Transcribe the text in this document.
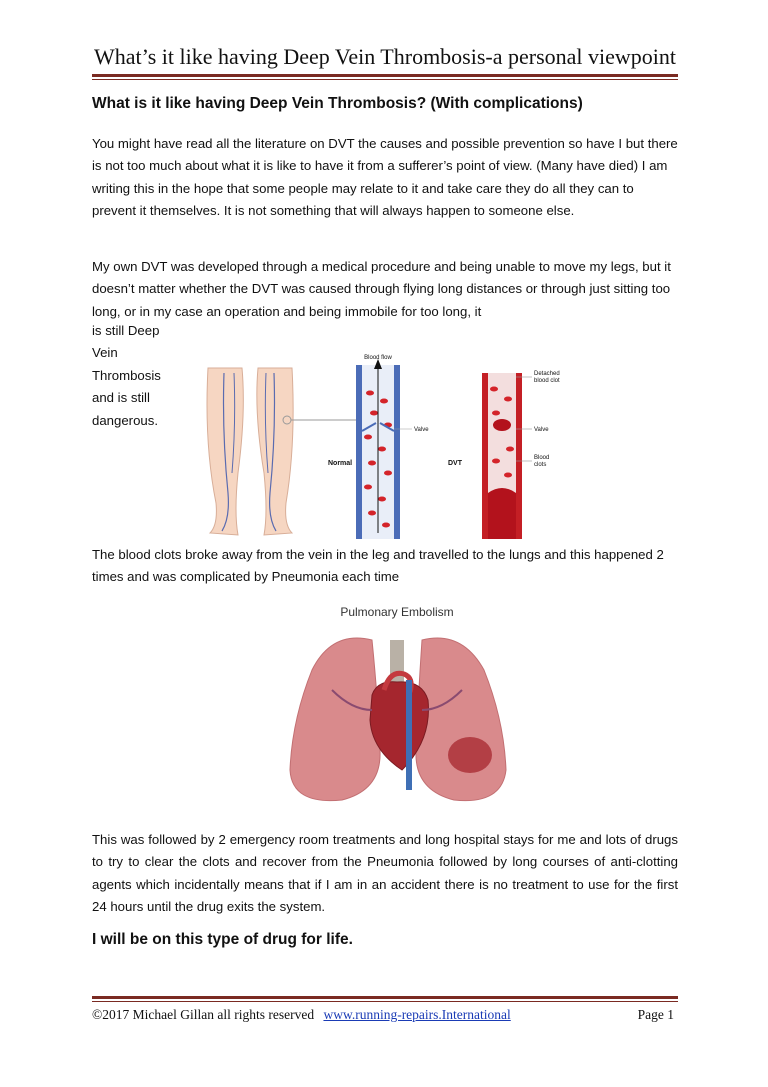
What’s it like having Deep Vein Thrombosis-a personal viewpoint
What is it like having Deep Vein Thrombosis? (With complications)
You might have read all the literature on DVT the causes and possible prevention so have I but there is not too much about what it is like to have it from a sufferer’s point of view. (Many have died) I am writing this in the hope that some people may relate to it and take care they do all they can to prevent it themselves. It is not something that will always happen to someone else.
My own DVT was developed through a medical procedure and being unable to move my legs, but it doesn’t matter whether the DVT was caused through flying long distances or through just sitting too long, or in my case an operation and being immobile for too long, it
is still Deep Vein Thrombosis and is still dangerous.
Blood flow
Normal
Valve
DVT
Detached
blood clot
Valve
Blood
clots
The blood clots broke away from the vein in the leg and travelled to the lungs and this happened 2 times and was complicated by Pneumonia each time
Pulmonary Embolism
This was followed by 2 emergency room treatments and long hospital stays for me and lots of drugs to try to clear the clots and recover from the Pneumonia followed by long courses of anti-clotting agents which incidentally means that if I am in an accident there is no treatment to use for the first 24 hours until the drug exits the system.
I will be on this type of drug for life.
©2017 Michael Gillan all rights reserved www.running-repairs.International	Page 1
